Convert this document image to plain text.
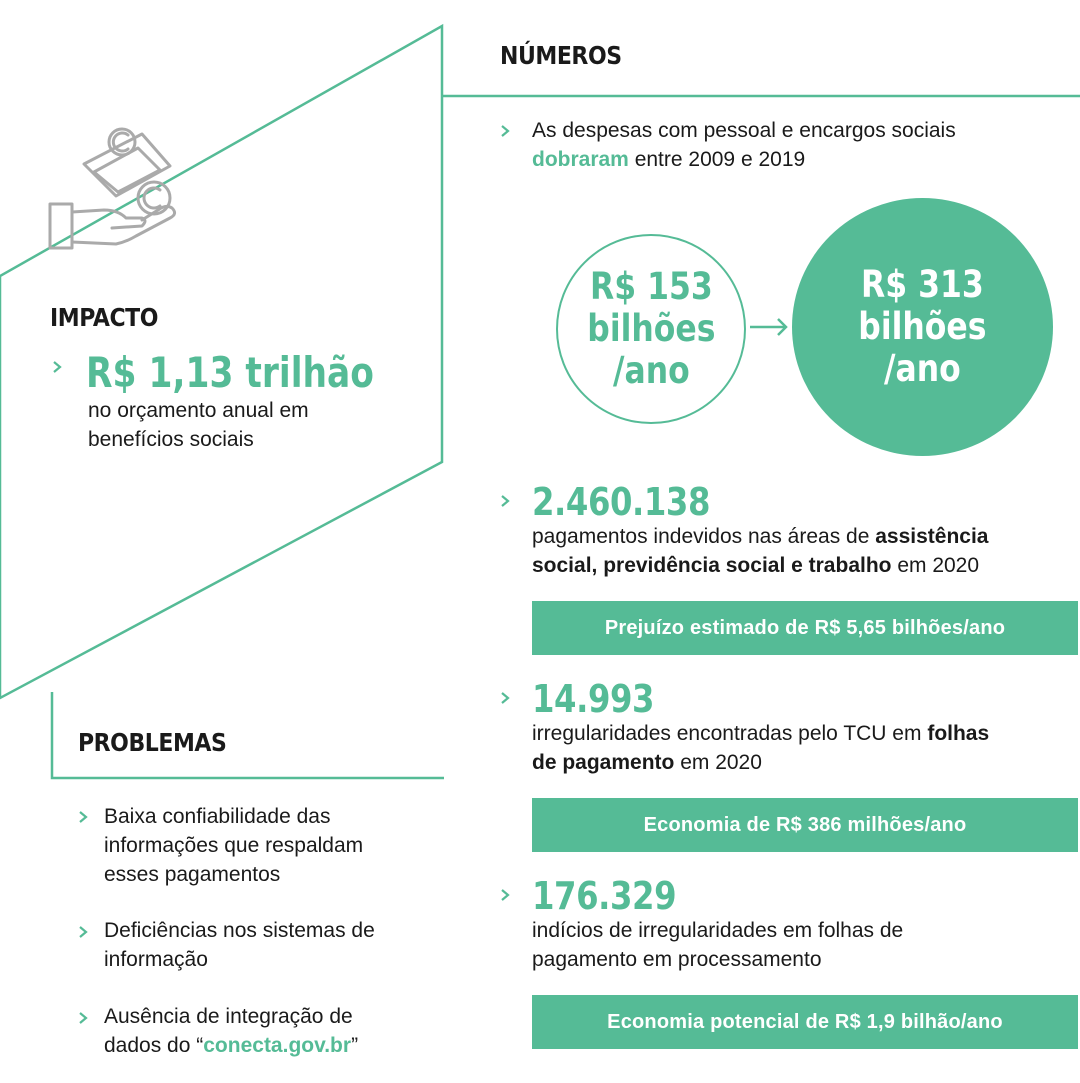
IMPACTO
R$ 1,13 trilhão
no orçamento anual em
benefícios sociais
PROBLEMAS
Baixa confiabilidade das
informações que respaldam
esses pagamentos
Deficiências nos sistemas de
informação
Ausência de integração de
dados do “conecta.gov.br”
NÚMEROS
As despesas com pessoal e encargos sociais
dobraram entre 2009 e 2019
R$ 153
bilhões
/ano
R$ 313
bilhões
/ano
2.460.138
pagamentos indevidos nas áreas de assistência
social, previdência social e trabalho em 2020
Prejuízo estimado de R$ 5,65 bilhões/ano
14.993
irregularidades encontradas pelo TCU em folhas
de pagamento em 2020
Economia de R$ 386 milhões/ano
176.329
indícios de irregularidades em folhas de
pagamento em processamento
Economia potencial de R$ 1,9 bilhão/ano
